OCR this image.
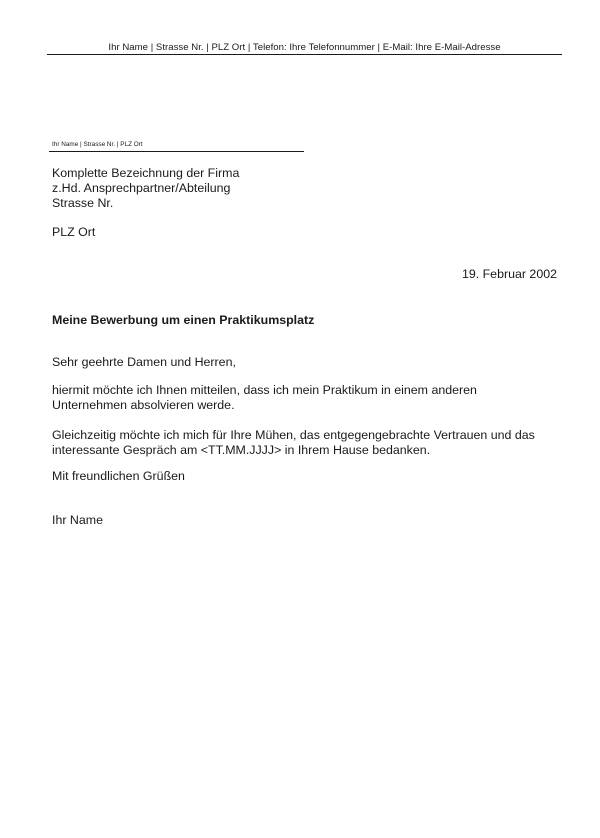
Ihr Name | Strasse Nr. | PLZ Ort | Telefon: Ihre Telefonnummer | E-Mail: Ihre E-Mail-Adresse
Ihr Name | Strasse Nr. | PLZ Ort
Komplette Bezeichnung der Firma
z.Hd. Ansprechpartner/Abteilung
Strasse Nr.
PLZ Ort
19. Februar 2002
Meine Bewerbung um einen Praktikumsplatz
Sehr geehrte Damen und Herren,
hiermit möchte ich Ihnen mitteilen, dass ich mein Praktikum in einem anderen
Unternehmen absolvieren werde.
Gleichzeitig möchte ich mich für Ihre Mühen, das entgegengebrachte Vertrauen und das
interessante Gespräch am <TT.MM.JJJJ> in Ihrem Hause bedanken.
Mit freundlichen Grüßen
Ihr Name
